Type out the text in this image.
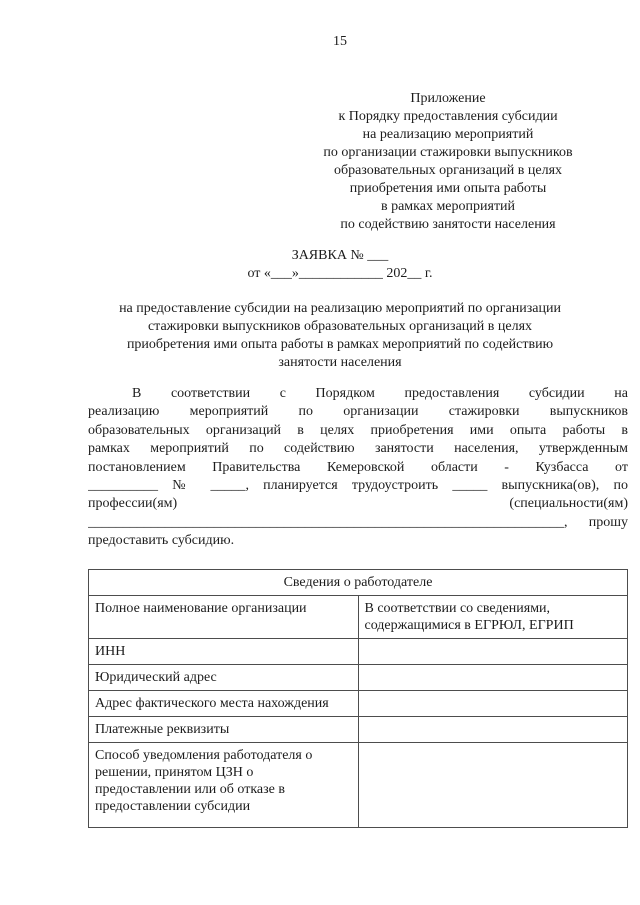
15
Приложение
к Порядку предоставления субсидии
на реализацию мероприятий
по организации стажировки выпускников
образовательных организаций в целях
приобретения ими опыта работы
в рамках мероприятий
по содействию занятости населения
ЗАЯВКА № ___
от «___»____________ 202__ г.
на предоставление субсидии на реализацию мероприятий по организации
стажировки выпускников образовательных организаций в целях
приобретения ими опыта работы в рамках мероприятий по содействию
занятости населения
В соответствии с Порядком предоставления субсидии на
реализацию мероприятий по организации стажировки выпускников
образовательных организаций в целях приобретения ими опыта работы в
рамках мероприятий по содействию занятости населения, утвержденным
постановлением Правительства Кемеровской области - Кузбасса от
__________ № _____, планируется трудоустроить _____ выпускника(ов), по
профессии(ям) (специальности(ям)
____________________________________________________________________, прошу
предоставить субсидию.
Сведения о работодателе	
Полное наименование организации	В соответствии со сведениями, содержащимися в ЕГРЮЛ, ЕГРИП
ИНН	
Юридический адрес	
Адрес фактического места нахождения	
Платежные реквизиты	
Способ уведомления работодателя о решении, принятом ЦЗН о предоставлении или об отказе в предоставлении субсидии	
